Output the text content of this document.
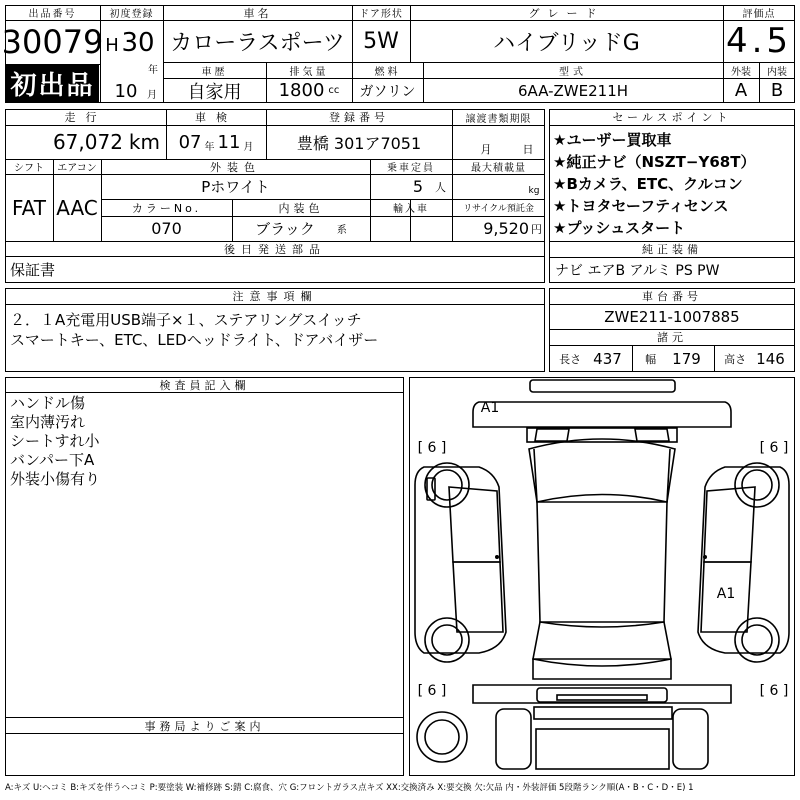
出品番号
30079
初出品
初度登録
H 30
年
10 月
車名
カローラスポーツ
ドア形状
5W
グレード
ハイブリッドG
評価点
4.5
車歴
自家用
排気量
1800 cc
燃料
ガソリン
型式
6AA-ZWE211H
外装	内装
A	B
走行
67,072 km
車検
07 年 11 月
登録番号
豊橋 301ア7051
譲渡書類期限
月	日
シフト
FAT
エアコン
AAC
外装色
Pホワイト
乗車定員
5 人
最大積載量
kg
カラーNo.
070
内装色
ブラック 系
輸入車	リサイクル預託金
9,520 円
後日発送部品
保証書
セールスポイント
★ユーザー買取車
★純正ナビ（NSZT−Y68T）
★Bカメラ、ETC、クルコン
★トヨタセーフティセンス
★プッシュスタート
純正装備
ナビ エアB アルミ PS PW
注意事項欄
２．１A充電用USB端子×１、ステアリングスイッチ
スマートキー、ETC、LEDヘッドライト、ドアバイザー
車台番号
ZWE211-1007885
諸元
長さ 437 幅 179 高さ 146
検査員記入欄
ハンドル傷
室内薄汚れ
シートすれ小
バンパー下A
外装小傷有り
事務局よりご案内
A1
A1
[ 6 ]	[ 6 ]
[ 6 ]	[ 6 ]
A:キズ U:ヘコミ B:キズを伴うヘコミ P:要塗装 W:補修跡 S:錆 C:腐食、穴 G:フロントガラス点キズ XX:交換済み X:要交換 欠:欠品 内・外装評価 5段階ランク順(A・B・C・D・E) 1
